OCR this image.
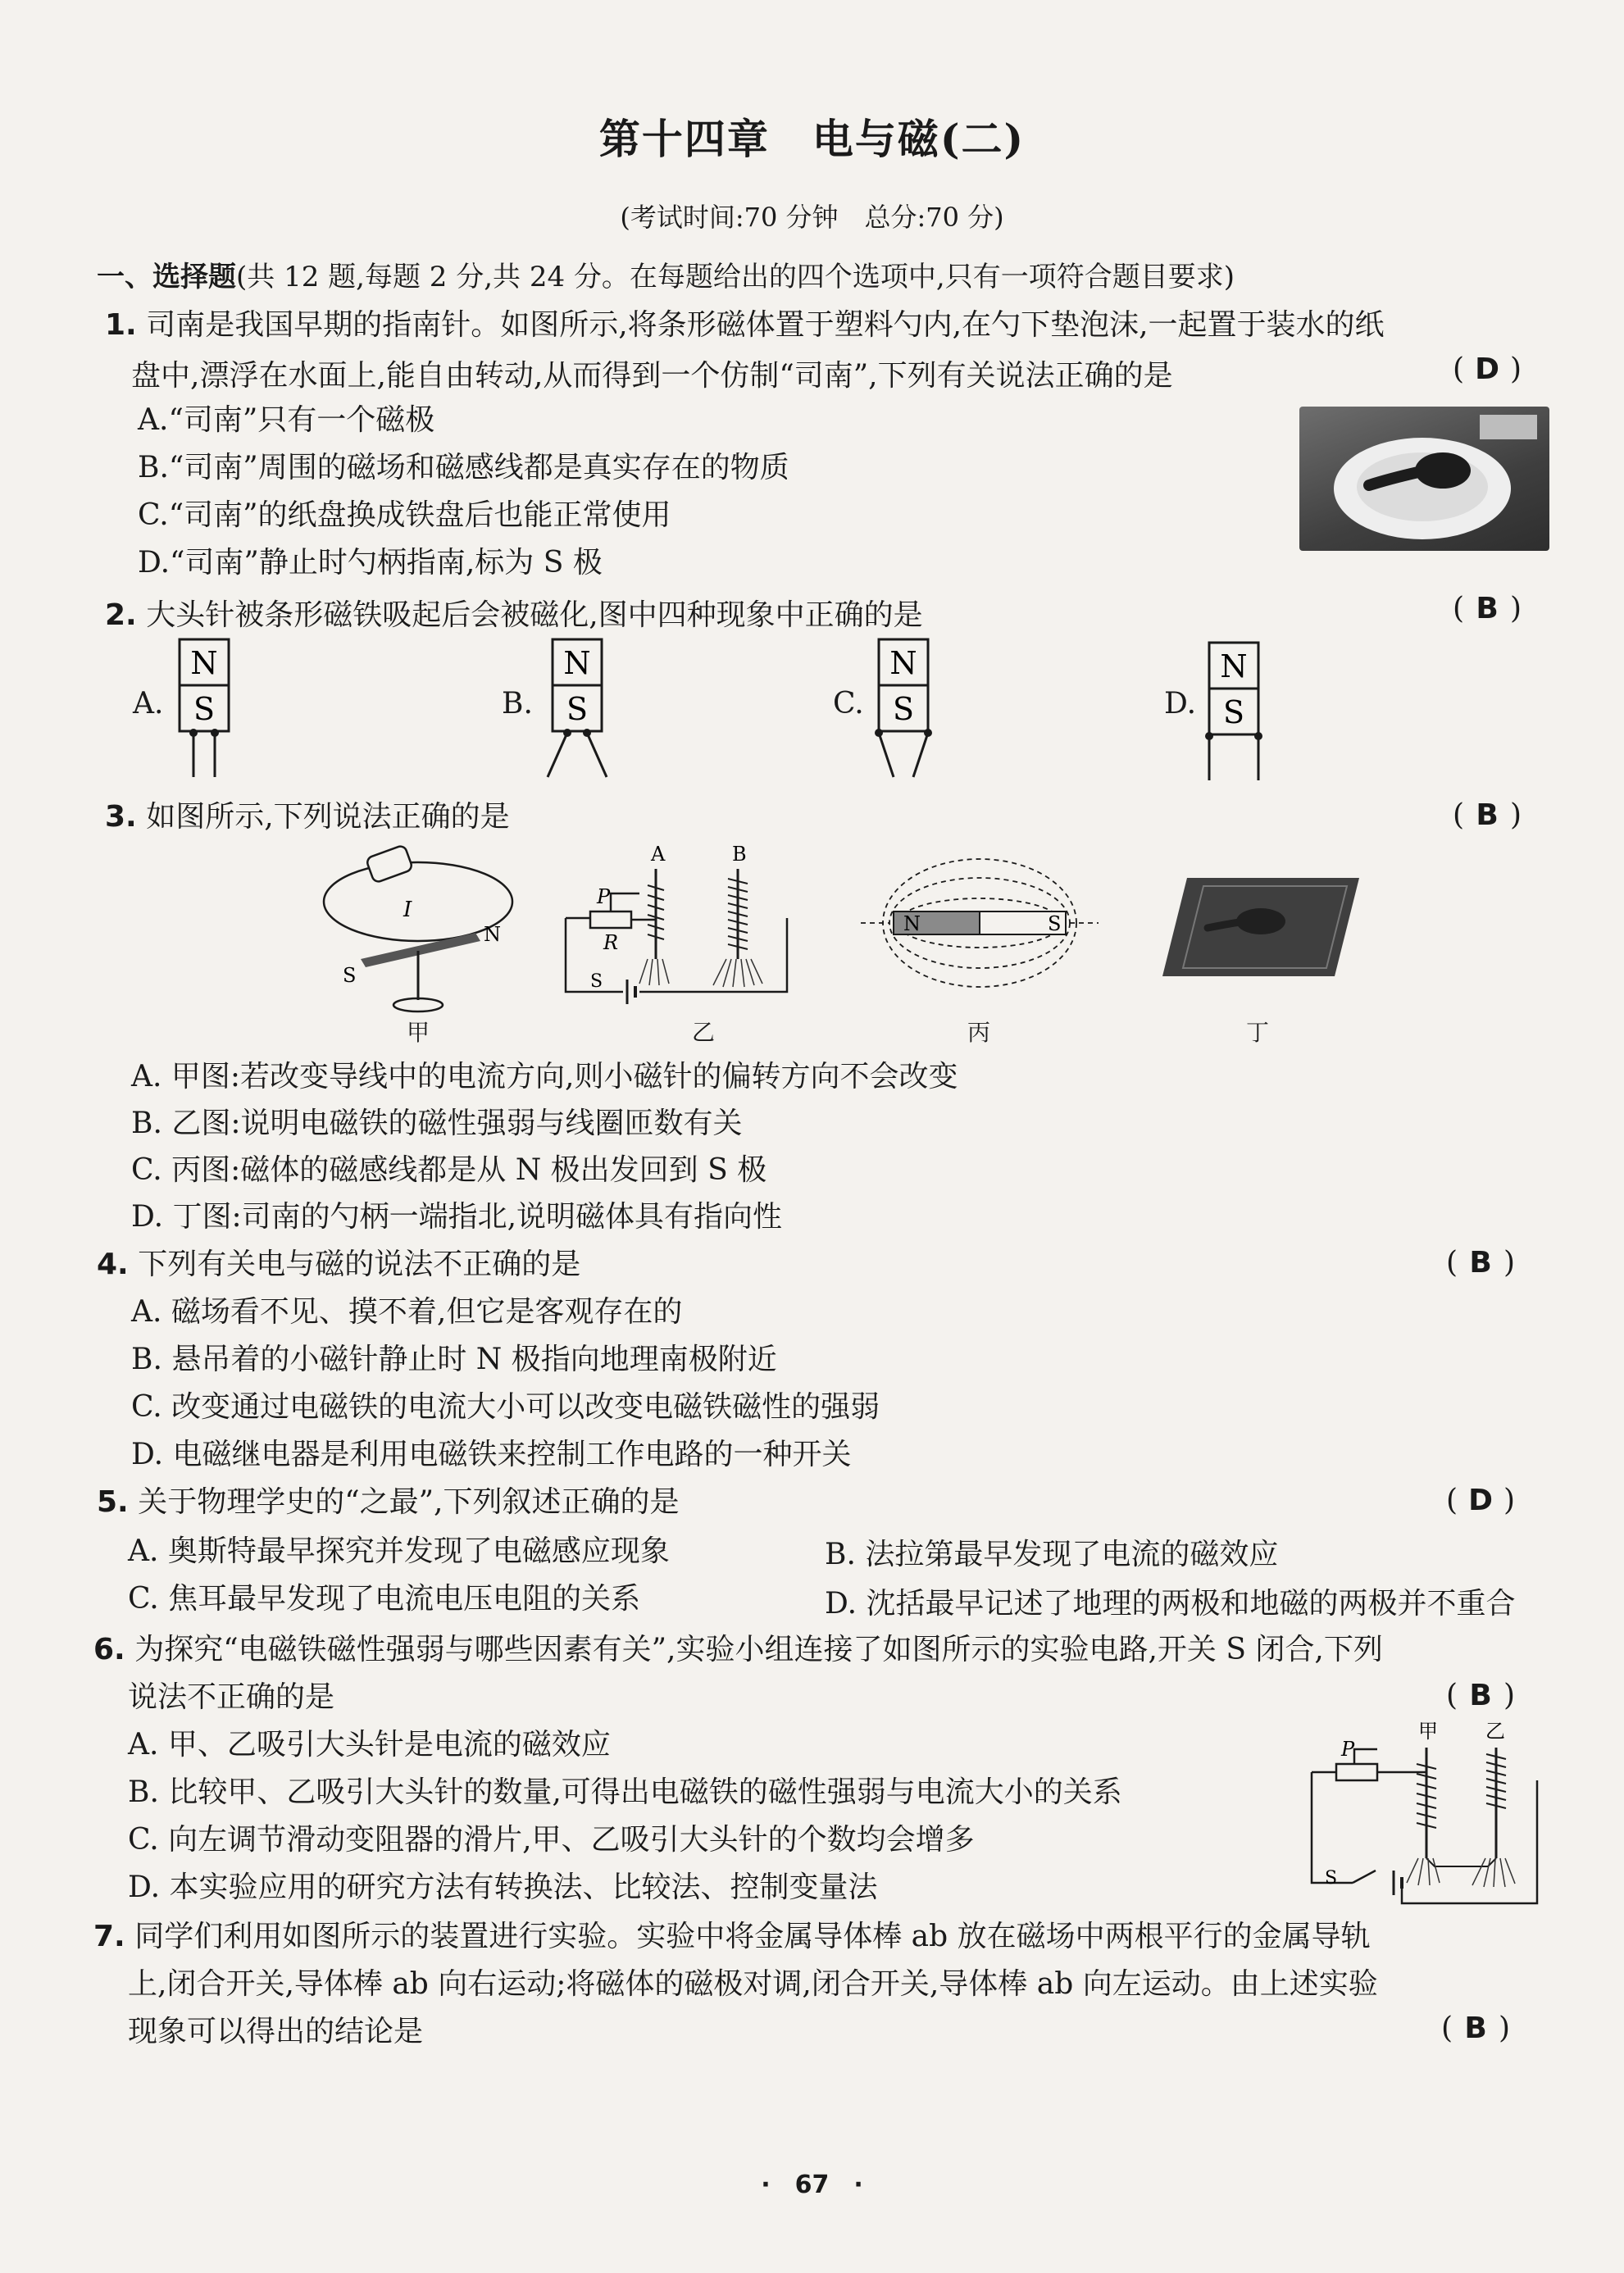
第十四章　电与磁(二)
(考试时间:70 分钟　总分:70 分)
一、选择题(共 12 题,每题 2 分,共 24 分。在每题给出的四个选项中,只有一项符合题目要求)
1. 司南是我国早期的指南针。如图所示,将条形磁体置于塑料勺内,在勺下垫泡沫,一起置于装水的纸
盘中,漂浮在水面上,能自由转动,从而得到一个仿制“司南”,下列有关说法正确的是	( D )
A.“司南”只有一个磁极
B.“司南”周围的磁场和磁感线都是真实存在的物质
C.“司南”的纸盘换成铁盘后也能正常使用
D.“司南”静止时勺柄指南,标为 S 极
2. 大头针被条形磁铁吸起后会被磁化,图中四种现象中正确的是	( B )
A.
N
S	B.
N
S	C.
N
S	D.
N
S
3. 如图所示,下列说法正确的是	( B )
I
S
N
甲
A	B
P
R
S
乙
N	S
丙	丁
A. 甲图:若改变导线中的电流方向,则小磁针的偏转方向不会改变
B. 乙图:说明电磁铁的磁性强弱与线圈匝数有关
C. 丙图:磁体的磁感线都是从 N 极出发回到 S 极
D. 丁图:司南的勺柄一端指北,说明磁体具有指向性
4. 下列有关电与磁的说法不正确的是	( B )
A. 磁场看不见、摸不着,但它是客观存在的
B. 悬吊着的小磁针静止时 N 极指向地理南极附近
C. 改变通过电磁铁的电流大小可以改变电磁铁磁性的强弱
D. 电磁继电器是利用电磁铁来控制工作电路的一种开关
5. 关于物理学史的“之最”,下列叙述正确的是	( D )
A. 奥斯特最早探究并发现了电磁感应现象	B. 法拉第最早发现了电流的磁效应
C. 焦耳最早发现了电流电压电阻的关系	D. 沈括最早记述了地理的两极和地磁的两极并不重合
6. 为探究“电磁铁磁性强弱与哪些因素有关”,实验小组连接了如图所示的实验电路,开关 S 闭合,下列
说法不正确的是	( B )
A. 甲、乙吸引大头针是电流的磁效应
B. 比较甲、乙吸引大头针的数量,可得出电磁铁的磁性强弱与电流大小的关系
C. 向左调节滑动变阻器的滑片,甲、乙吸引大头针的个数均会增多
D. 本实验应用的研究方法有转换法、比较法、控制变量法
P
甲 乙
S
7. 同学们利用如图所示的装置进行实验。实验中将金属导体棒 ab 放在磁场中两根平行的金属导轨
上,闭合开关,导体棒 ab 向右运动;将磁体的磁极对调,闭合开关,导体棒 ab 向左运动。由上述实验
现象可以得出的结论是	( B )
·　67　·
